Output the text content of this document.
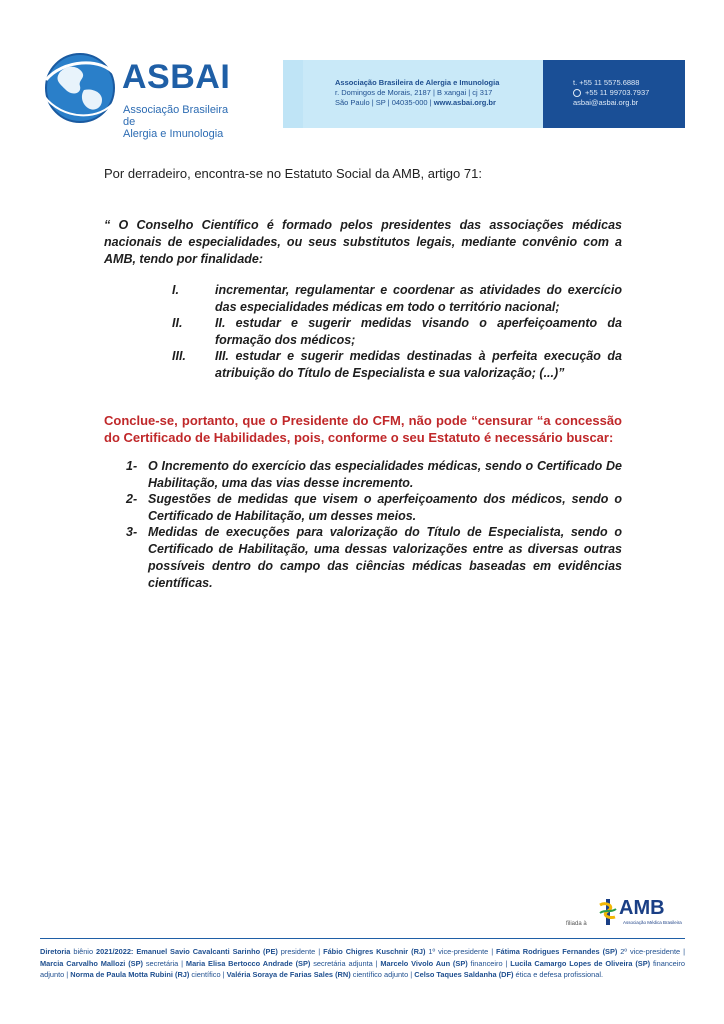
ASBAI
Associação Brasileira de
Alergia e Imunologia
Associação Brasileira de Alergia e Imunologia
r. Domingos de Morais, 2187 | B xangai | cj 317
São Paulo | SP | 04035-000 | www.asbai.org.br
t. +55 11 5575.6888
+55 11 99703.7937
asbai@asbai.org.br
Por derradeiro, encontra-se no Estatuto Social da AMB, artigo 71:
“ O Conselho Científico é formado pelos presidentes das associações médicas nacionais de especialidades, ou seus substitutos legais, mediante convênio com a AMB, tendo por finalidade:
I.	incrementar, regulamentar e coordenar as atividades do exercício das especialidades médicas em todo o território nacional;
II.	II. estudar e sugerir medidas visando o aperfeiçoamento da formação dos médicos;
III. III. estudar e sugerir medidas destinadas à perfeita execução da atribuição do Título de Especialista e sua valorização; (...)”
Conclue-se, portanto, que o Presidente do CFM, não pode “censurar “a concessão do Certificado de Habilidades, pois, conforme o seu Estatuto é necessário buscar:
1- O Incremento do exercício das especialidades médicas, sendo o Certificado De Habilitação, uma das vias desse incremento.
2- Sugestões de medidas que visem o aperfeiçoamento dos médicos, sendo o Certificado de Habilitação, um desses meios.
3- Medidas de execuções para valorização do Título de Especialista, sendo o Certificado de Habilitação, uma dessas valorizações entre as diversas outras possíveis dentro do campo das ciências médicas baseadas em evidências científicas.
filiada à
AMB
Associação Médica Brasileira
Diretoria biênio 2021/2022: Emanuel Savio Cavalcanti Sarinho (PE) presidente | Fábio Chigres Kuschnir (RJ) 1º vice-presidente | Fátima Rodrigues Fernandes (SP) 2º vice-presidente | Marcia Carvalho Mallozi (SP) secretária | Maria Elisa Bertocco Andrade (SP) secretária adjunta | Marcelo Vivolo Aun (SP) financeiro | Lucila Camargo Lopes de Oliveira (SP) financeiro adjunto | Norma de Paula Motta Rubini (RJ) científico | Valéria Soraya de Farias Sales (RN) científico adjunto | Celso Taques Saldanha (DF) ética e defesa profissional.
